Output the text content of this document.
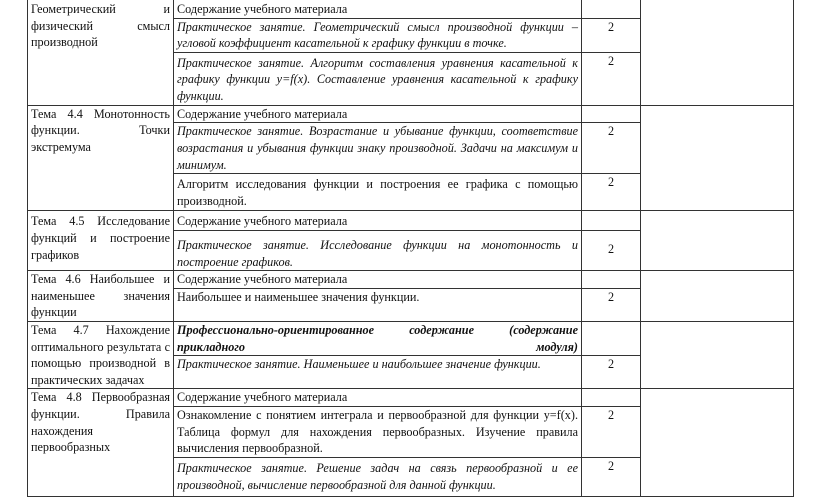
Геометрический и физический смысл производной	Содержание учебного материала		
	Практическое занятие. Геометрический смысл производной функции – угловой коэффициент касательной к графику функции в точке.	2	
	Практическое занятие. Алгоритм составления уравнения касательной к графику функции y=f(x). Составление уравнения касательной к графику функции.	2	
Тема 4.4 Монотонность функции. Точки экстремума	Содержание учебного материала		
	Практическое занятие. Возрастание и убывание функции, соответствие возрастания и убывания функции знаку производной. Задачи на максимум и минимум.	2	
	Алгоритм исследования функции и построения ее графика с помощью производной.	2	
Тема 4.5 Исследование функций и построение графиков	Содержание учебного материала		
	Практическое занятие. Исследование функции на монотонность и построение графиков.	2	
Тема 4.6 Наибольшее и наименьшее значения функции	Содержание учебного материала		
	Наибольшее и наименьшее значения функции.	2	
Тема 4.7 Нахождение оптимального результата с помощью производной в практических задачах	Профессионально-ориентированное содержание (содержание прикладного модуля)		
	Практическое занятие. Наименьшее и наибольшее значение функции.	2	
Тема 4.8 Первообразная функции. Правила нахождения первообразных	Содержание учебного материала		
	Ознакомление с понятием интеграла и первообразной для функции y=f(x). Таблица формул для нахождения первообразных. Изучение правила вычисления первообразной.	2	
	Практическое занятие. Решение задач на связь первообразной и ее производной, вычисление первообразной для данной функции.	2	
